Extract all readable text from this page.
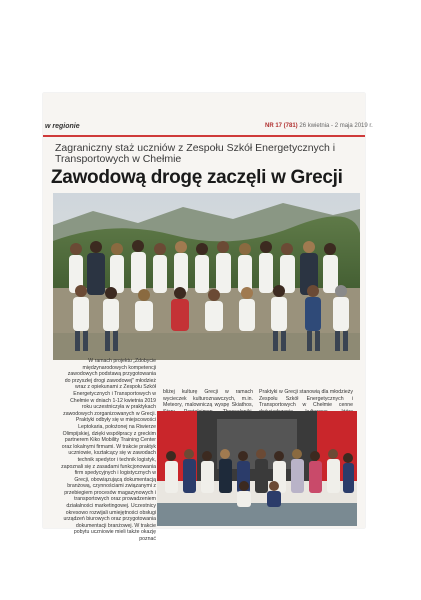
w regionie	NR 17 (781) 26 kwietnia - 2 maja 2019 r.
Zagraniczny staż uczniów z Zespołu Szkół Energetycznych i Transportowych w Chełmie
Zawodową drogę zaczęli w Grecji

W ramach projektu „Zdobycie międzynarodowych kompetencji zawodowych podstawą przygotowania do przyszłej drogi zawodowej" młodzież wraz z opiekunami z Zespołu Szkół Energetycznych i Transportowych w Chełmie w dniach 1-12 kwietnia 2019 roku uczestniczyła w praktykach zawodowych zorganizowanych w Grecji. Praktyki odbyły się w miejscowości Leptokaria, położonej na Riwierze Olimpijskiej, dzięki współpracy z greckim partnerem Kiko Mobility Training Center oraz lokalnymi firmami. W trakcie praktyk uczniowie, kształcący się w zawodach technik spedytor i technik logistyk, zapoznali się z zasadami funkcjonowania firm spedycyjnych i logistycznych w Grecji, obowiązującą dokumentacją branżową, czynnościami związanymi z przebiegiem procesów magazynowych i transportowych oraz prowadzeniem działalności marketingowej. Uczestnicy okresowo rozwijali umiejętności obsługi urządzeń biurowych oraz przygotowania dokumentacji branżowej. W trakcie pobytu uczniowie mieli także okazję poznać

bliżej kulturę Grecji w ramach wycieczek kulturoznawczych, m.in. Meteory, malowniczą wyspę Skiathos,

Praktyki w Grecji stanowią dla młodzieży Zespołu Szkół Energetycznych i Transportowych w Chełmie cenne
